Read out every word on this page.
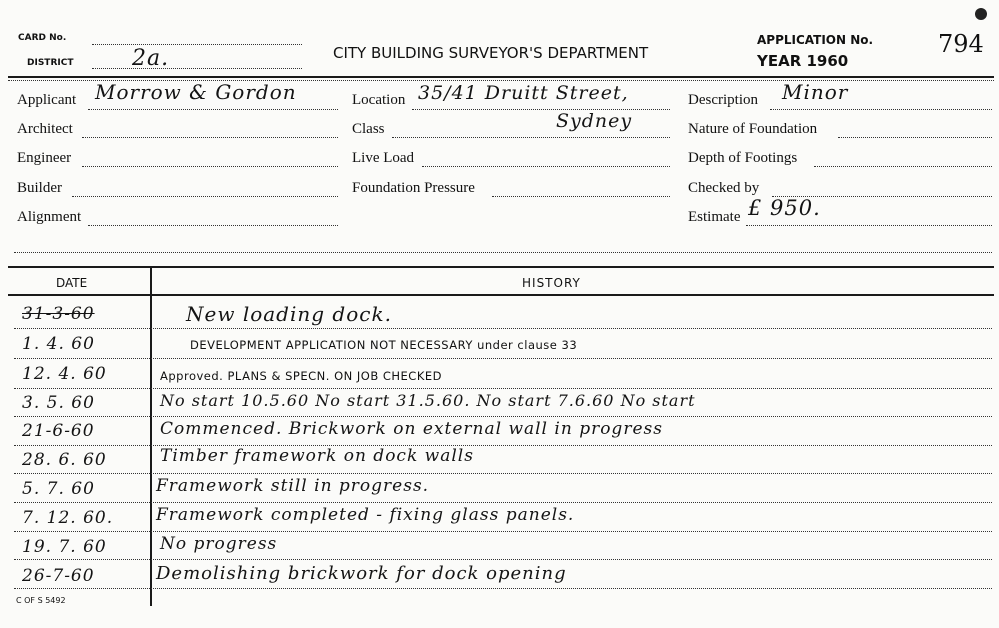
CARD No.
DISTRICT	2a.	CITY BUILDING SURVEYOR'S DEPARTMENT
APPLICATION No.
YEAR 1960
794
Applicant Morrow & Gordon
Architect
Engineer
Builder
Alignment
Location 35/41 Druitt Street,
Sydney
Class
Live Load
Foundation Pressure
Description Minor
Nature of Foundation
Depth of Footings
Checked by
Estimate £ 950.
DATE	HISTORY
31-3-60	New loading dock.
1. 4. 60	DEVELOPMENT APPLICATION NOT NECESSARY under clause 33
12. 4. 60	Approved. PLANS & SPECN. ON JOB CHECKED
3. 5. 60	No start 10.5.60 No start 31.5.60. No start 7.6.60 No start
21-6-60	Commenced. Brickwork on external wall in progress
28. 6. 60	Timber framework on dock walls
5. 7. 60	Framework still in progress.
7. 12. 60.	Framework completed - fixing glass panels.
19. 7. 60	No progress
26-7-60	Demolishing brickwork for dock opening
C OF S 5492
